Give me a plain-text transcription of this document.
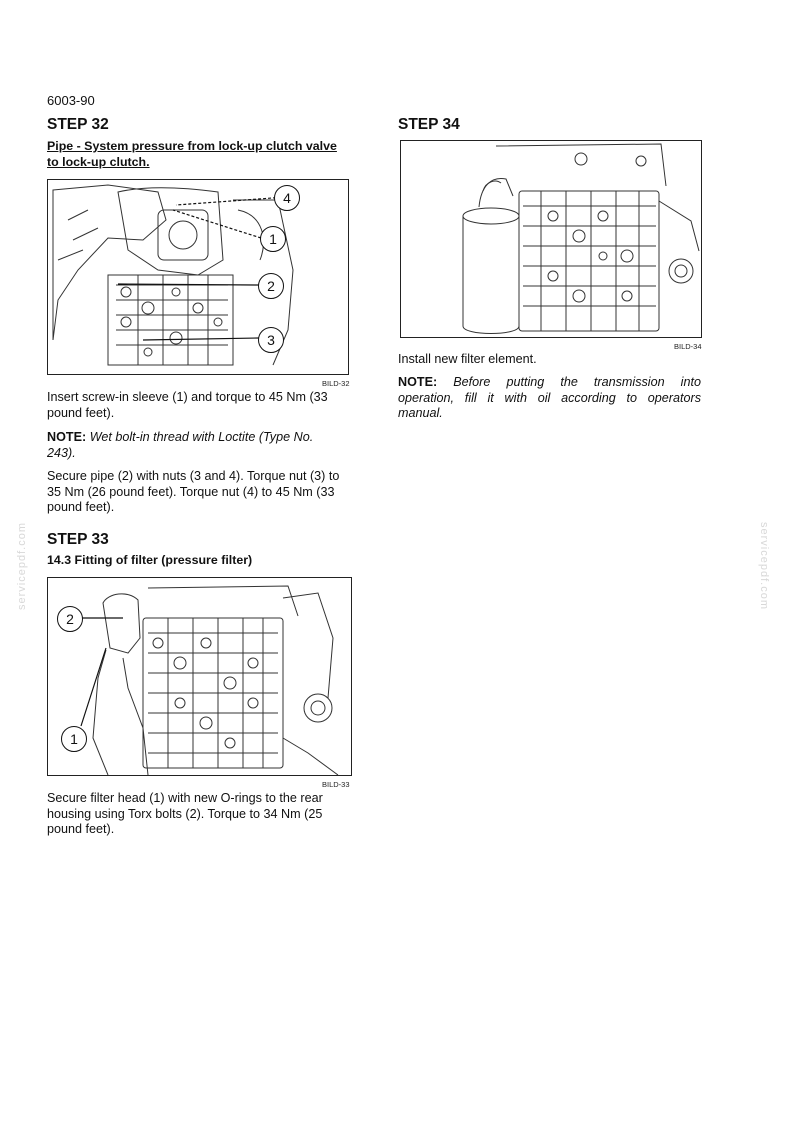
6003-90
STEP 32
Pipe - System pressure from lock-up clutch valve
to lock-up clutch.
4
1
2
3
BILD-32
Insert screw-in sleeve (1) and torque to 45 Nm (33
pound feet).
NOTE: Wet bolt-in thread with Loctite (Type No.
243).
Secure pipe (2) with nuts (3 and 4). Torque nut (3) to
35 Nm (26 pound feet). Torque nut (4) to 45 Nm (33
pound feet).
STEP 33
14.3 Fitting of filter (pressure filter)
2
1
BILD-33
Secure filter head (1) with new O-rings to the rear
housing using Torx bolts (2). Torque to 34 Nm (25
pound feet).
STEP 34
BILD-34
Install new filter element.
NOTE: Before putting the transmission into
operation, fill it with oil according to operators
manual.
servicepdf.com	servicepdf.com
